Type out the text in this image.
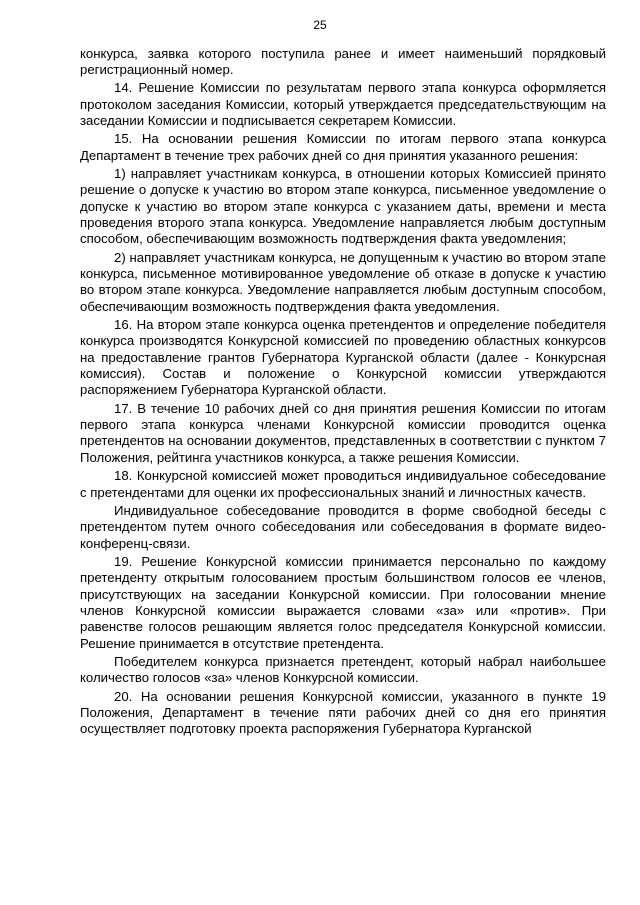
25

конкурса, заявка которого поступила ранее и имеет наименьший порядковый регистрационный номер.

14. Решение Комиссии по результатам первого этапа конкурса оформляется протоколом заседания Комиссии, который утверждается председательствующим на заседании Комиссии и подписывается секретарем Комиссии.

15. На основании решения Комиссии по итогам первого этапа конкурса Департамент в течение трех рабочих дней со дня принятия указанного решения:

1) направляет участникам конкурса, в отношении которых Комиссией принято решение о допуске к участию во втором этапе конкурса, письменное уведомление о допуске к участию во втором этапе конкурса с указанием даты, времени и места проведения второго этапа конкурса. Уведомление направляется любым доступным способом, обеспечивающим возможность подтверждения факта уведомления;

2) направляет участникам конкурса, не допущенным к участию во втором этапе конкурса, письменное мотивированное уведомление об отказе в допуске к участию во втором этапе конкурса. Уведомление направляется любым доступным способом, обеспечивающим возможность подтверждения факта уведомления.

16. На втором этапе конкурса оценка претендентов и определение победителя конкурса производятся Конкурсной комиссией по проведению областных конкурсов на предоставление грантов Губернатора Курганской области (далее - Конкурсная комиссия). Состав и положение о Конкурсной комиссии утверждаются распоряжением Губернатора Курганской области.

17. В течение 10 рабочих дней со дня принятия решения Комиссии по итогам первого этапа конкурса членами Конкурсной комиссии проводится оценка претендентов на основании документов, представленных в соответствии с пунктом 7 Положения, рейтинга участников конкурса, а также решения Комиссии.

18. Конкурсной комиссией может проводиться индивидуальное собеседование с претендентами для оценки их профессиональных знаний и личностных качеств.

Индивидуальное собеседование проводится в форме свободной беседы с претендентом путем очного собеседования или собеседования в формате видео-конференц-связи.

19. Решение Конкурсной комиссии принимается персонально по каждому претенденту открытым голосованием простым большинством голосов ее членов, присутствующих на заседании Конкурсной комиссии. При голосовании мнение членов Конкурсной комиссии выражается словами «за» или «против». При равенстве голосов решающим является голос председателя Конкурсной комиссии. Решение принимается в отсутствие претендента.

Победителем конкурса признается претендент, который набрал наибольшее количество голосов «за» членов Конкурсной комиссии.

20. На основании решения Конкурсной комиссии, указанного в пункте 19 Положения, Департамент в течение пяти рабочих дней со дня его принятия осуществляет подготовку проекта распоряжения Губернатора Курганской
